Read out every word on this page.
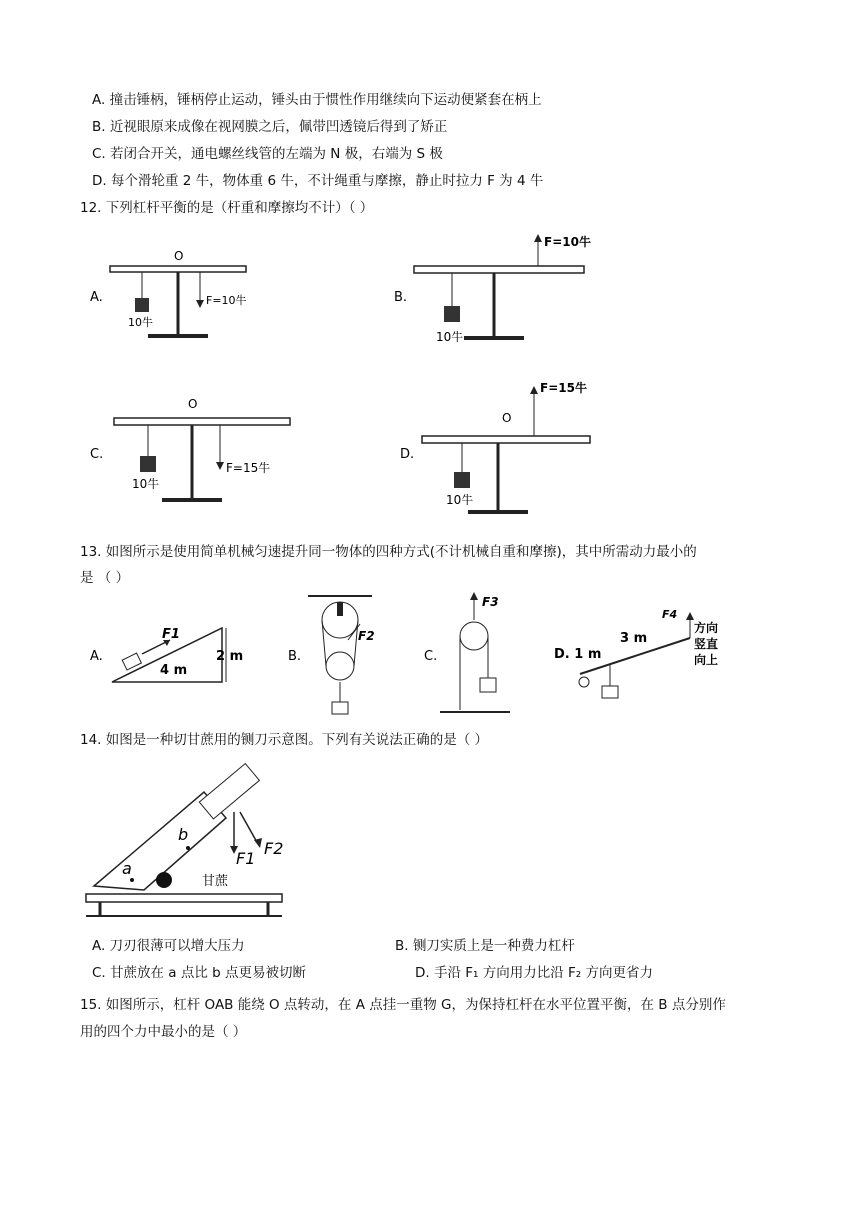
A. 撞击锤柄，锤柄停止运动，锤头由于惯性作用继续向下运动便紧套在柄上
B. 近视眼原来成像在视网膜之后，佩带凹透镜后得到了矫正
C. 若闭合开关，通电螺丝线管的左端为 N 极，右端为 S 极
D. 每个滑轮重 2 牛，物体重 6 牛，不计绳重与摩擦，静止时拉力 F 为 4 牛
12. 下列杠杆平衡的是（杆重和摩擦均不计）（ ）
A.
O
10牛
F=10牛	B.
10牛
F=10牛
C.
O
10牛
F=15牛
D.
O
10牛
F=15牛
13. 如图所示是使用简单机械匀速提升同一物体的四种方式(不计机械自重和摩擦)，其中所需动力最小的
是 （ ）
A.
F1
4 m
2 m	B.
F2
C.
F3
D. 1 m
3 m
F4
方向
竖直
向上
14. 如图是一种切甘蔗用的铡刀示意图。下列有关说法正确的是（ ）
a
b
甘蔗
F1
F2
A. 刀刃很薄可以增大压力	B. 铡刀实质上是一种费力杠杆
C. 甘蔗放在 a 点比 b 点更易被切断	D. 手沿 F₁ 方向用力比沿 F₂ 方向更省力
15. 如图所示，杠杆 OAB 能绕 O 点转动，在 A 点挂一重物 G，为保持杠杆在水平位置平衡，在 B 点分别作
用的四个力中最小的是（ ）
